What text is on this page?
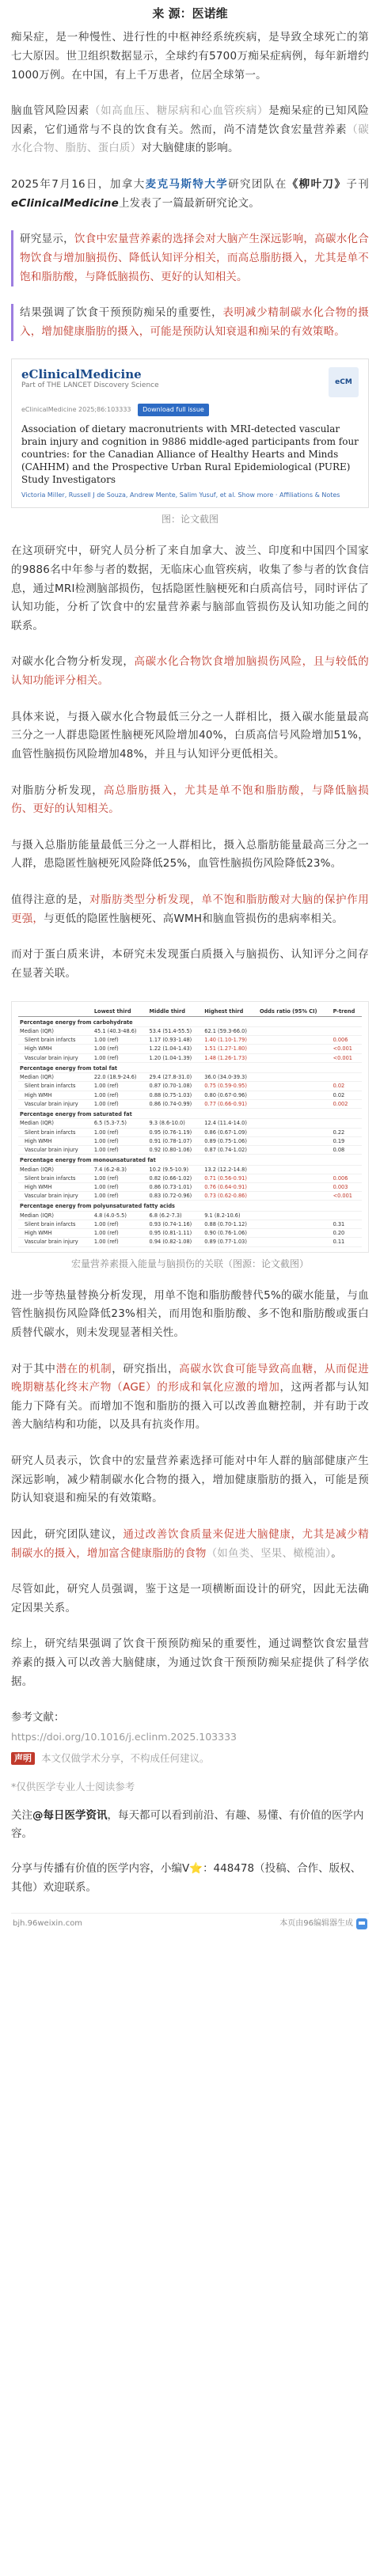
来 源：医诺维

痴呆症，是一种慢性、进行性的中枢神经系统疾病，是导致全球死亡的第七大原因。世卫组织数据显示，全球约有5700万痴呆症病例，每年新增约1000万例。在中国，有上千万患者，位居全球第一。

脑血管风险因素（如高血压、糖尿病和心血管疾病）是痴呆症的已知风险因素，它们通常与不良的饮食有关。然而，尚不清楚饮食宏量营养素（碳水化合物、脂肪、蛋白质）对大脑健康的影响。

2025年7月16日，加拿大麦克马斯特大学研究团队在《柳叶刀》子刊eClinicalMedicine上发表了一篇最新研究论文。

研究显示，饮食中宏量营养素的选择会对大脑产生深远影响，高碳水化合物饮食与增加脑损伤、降低认知评分相关，而高总脂肪摄入，尤其是单不饱和脂肪酸，与降低脑损伤、更好的认知相关。

结果强调了饮食干预预防痴呆的重要性，表明减少精制碳水化合物的摄入，增加健康脂肪的摄入，可能是预防认知衰退和痴呆的有效策略。

eClinicalMedicine
Part of THE LANCET Discovery Science	eCM
eClinicalMedicine 2025;86:103333 Download full issue
Association of dietary macronutrients with MRI-detected vascular brain injury and cognition in 9886 middle-aged participants from four countries: for the Canadian Alliance of Healthy Hearts and Minds (CAHHM) and the Prospective Urban Rural Epidemiological (PURE) Study Investigators
Victoria Miller, Russell J de Souza, Andrew Mente, Salim Yusuf, et al. Show more · Affiliations & Notes
图：论文截图

在这项研究中，研究人员分析了来自加拿大、波兰、印度和中国四个国家的9886名中年参与者的数据，无临床心血管疾病，收集了参与者的饮食信息，通过MRI检测脑部损伤，包括隐匿性脑梗死和白质高信号，同时评估了认知功能，分析了饮食中的宏量营养素与脑部血管损伤及认知功能之间的联系。

对碳水化合物分析发现，高碳水化合物饮食增加脑损伤风险，且与较低的认知功能评分相关。

具体来说，与摄入碳水化合物最低三分之一人群相比，摄入碳水能量最高三分之一人群患隐匿性脑梗死风险增加40%，白质高信号风险增加51%，血管性脑损伤风险增加48%，并且与认知评分更低相关。

对脂肪分析发现，高总脂肪摄入，尤其是单不饱和脂肪酸，与降低脑损伤、更好的认知相关。

与摄入总脂肪能量最低三分之一人群相比，摄入总脂肪能量最高三分之一人群，患隐匿性脑梗死风险降低25%，血管性脑损伤风险降低23%。

值得注意的是，对脂肪类型分析发现，单不饱和脂肪酸对大脑的保护作用更强，与更低的隐匿性脑梗死、高WMH和脑血管损伤的患病率相关。

而对于蛋白质来讲，本研究未发现蛋白质摄入与脑损伤、认知评分之间存在显著关联。

	Lowest third	Middle third	Highest third	Odds ratio (95% CI)	P-trend
Percentage energy from carbohydrate					
Median (IQR)	45.1 (40.3-48.6)	53.4 (51.4-55.5)	62.1 (59.3-66.0)		
Silent brain infarcts	1.00 (ref)	1.17 (0.93-1.48)	1.40 (1.10-1.79)		0.006
High WMH	1.00 (ref)	1.22 (1.04-1.43)	1.51 (1.27-1.80)		<0.001
Vascular brain injury	1.00 (ref)	1.20 (1.04-1.39)	1.48 (1.26-1.73)		<0.001
Percentage energy from total fat					
Median (IQR)	22.0 (18.9-24.6)	29.4 (27.8-31.0)	36.0 (34.0-39.3)		
Silent brain infarcts	1.00 (ref)	0.87 (0.70-1.08)	0.75 (0.59-0.95)		0.02
High WMH	1.00 (ref)	0.88 (0.75-1.03)	0.80 (0.67-0.96)		0.02
Vascular brain injury	1.00 (ref)	0.86 (0.74-0.99)	0.77 (0.66-0.91)		0.002
Percentage energy from saturated fat					
Median (IQR)	6.5 (5.3-7.5)	9.3 (8.6-10.0)	12.4 (11.4-14.0)		
Silent brain infarcts	1.00 (ref)	0.95 (0.76-1.19)	0.86 (0.67-1.09)		0.22
High WMH	1.00 (ref)	0.91 (0.78-1.07)	0.89 (0.75-1.06)		0.19
Vascular brain injury	1.00 (ref)	0.92 (0.80-1.06)	0.87 (0.74-1.02)		0.08
Percentage energy from monounsaturated fat					
Median (IQR)	7.4 (6.2-8.3)	10.2 (9.5-10.9)	13.2 (12.2-14.8)		
Silent brain infarcts	1.00 (ref)	0.82 (0.66-1.02)	0.71 (0.56-0.91)		0.006
High WMH	1.00 (ref)	0.86 (0.73-1.01)	0.76 (0.64-0.91)		0.003
Vascular brain injury	1.00 (ref)	0.83 (0.72-0.96)	0.73 (0.62-0.86)		<0.001
Percentage energy from polyunsaturated fatty acids					
Median (IQR)	4.8 (4.0-5.5)	6.8 (6.2-7.3)	9.1 (8.2-10.6)		
Silent brain infarcts	1.00 (ref)	0.93 (0.74-1.16)	0.88 (0.70-1.12)		0.31
High WMH	1.00 (ref)	0.95 (0.81-1.11)	0.90 (0.76-1.06)		0.20
Vascular brain injury	1.00 (ref)	0.94 (0.82-1.08)	0.89 (0.77-1.03)		0.11
宏量营养素摄入能量与脑损伤的关联（图源：论文截图）

进一步等热量替换分析发现，用单不饱和脂肪酸替代5%的碳水能量，与血管性脑损伤风险降低23%相关，而用饱和脂肪酸、多不饱和脂肪酸或蛋白质替代碳水，则未发现显著相关性。

对于其中潜在的机制，研究指出，高碳水饮食可能导致高血糖，从而促进晚期糖基化终末产物（AGE）的形成和氧化应激的增加，这两者都与认知能力下降有关。而增加不饱和脂肪的摄入可以改善血糖控制，并有助于改善大脑结构和功能，以及具有抗炎作用。

研究人员表示，饮食中的宏量营养素选择可能对中年人群的脑部健康产生深远影响，减少精制碳水化合物的摄入，增加健康脂肪的摄入，可能是预防认知衰退和痴呆的有效策略。

因此，研究团队建议，通过改善饮食质量来促进大脑健康，尤其是减少精制碳水的摄入，增加富含健康脂肪的食物（如鱼类、坚果、橄榄油）。

尽管如此，研究人员强调，鉴于这是一项横断面设计的研究，因此无法确定因果关系。

综上，研究结果强调了饮食干预预防痴呆的重要性，通过调整饮食宏量营养素的摄入可以改善大脑健康，为通过饮食干预预防痴呆症提供了科学依据。

参考文献：
https://doi.org/10.1016/j.eclinm.2025.103333
声明 本文仅做学术分享，不构成任何建议。
*仅供医学专业人士阅读参考

关注@每日医学资讯，每天都可以看到前沿、有趣、易懂、有价值的医学内容。

分享与传播有价值的医学内容，小编V⭐：448478（投稿、合作、版权、其他）欢迎联系。

bjh.96weixin.com	本页由96编辑器生成
